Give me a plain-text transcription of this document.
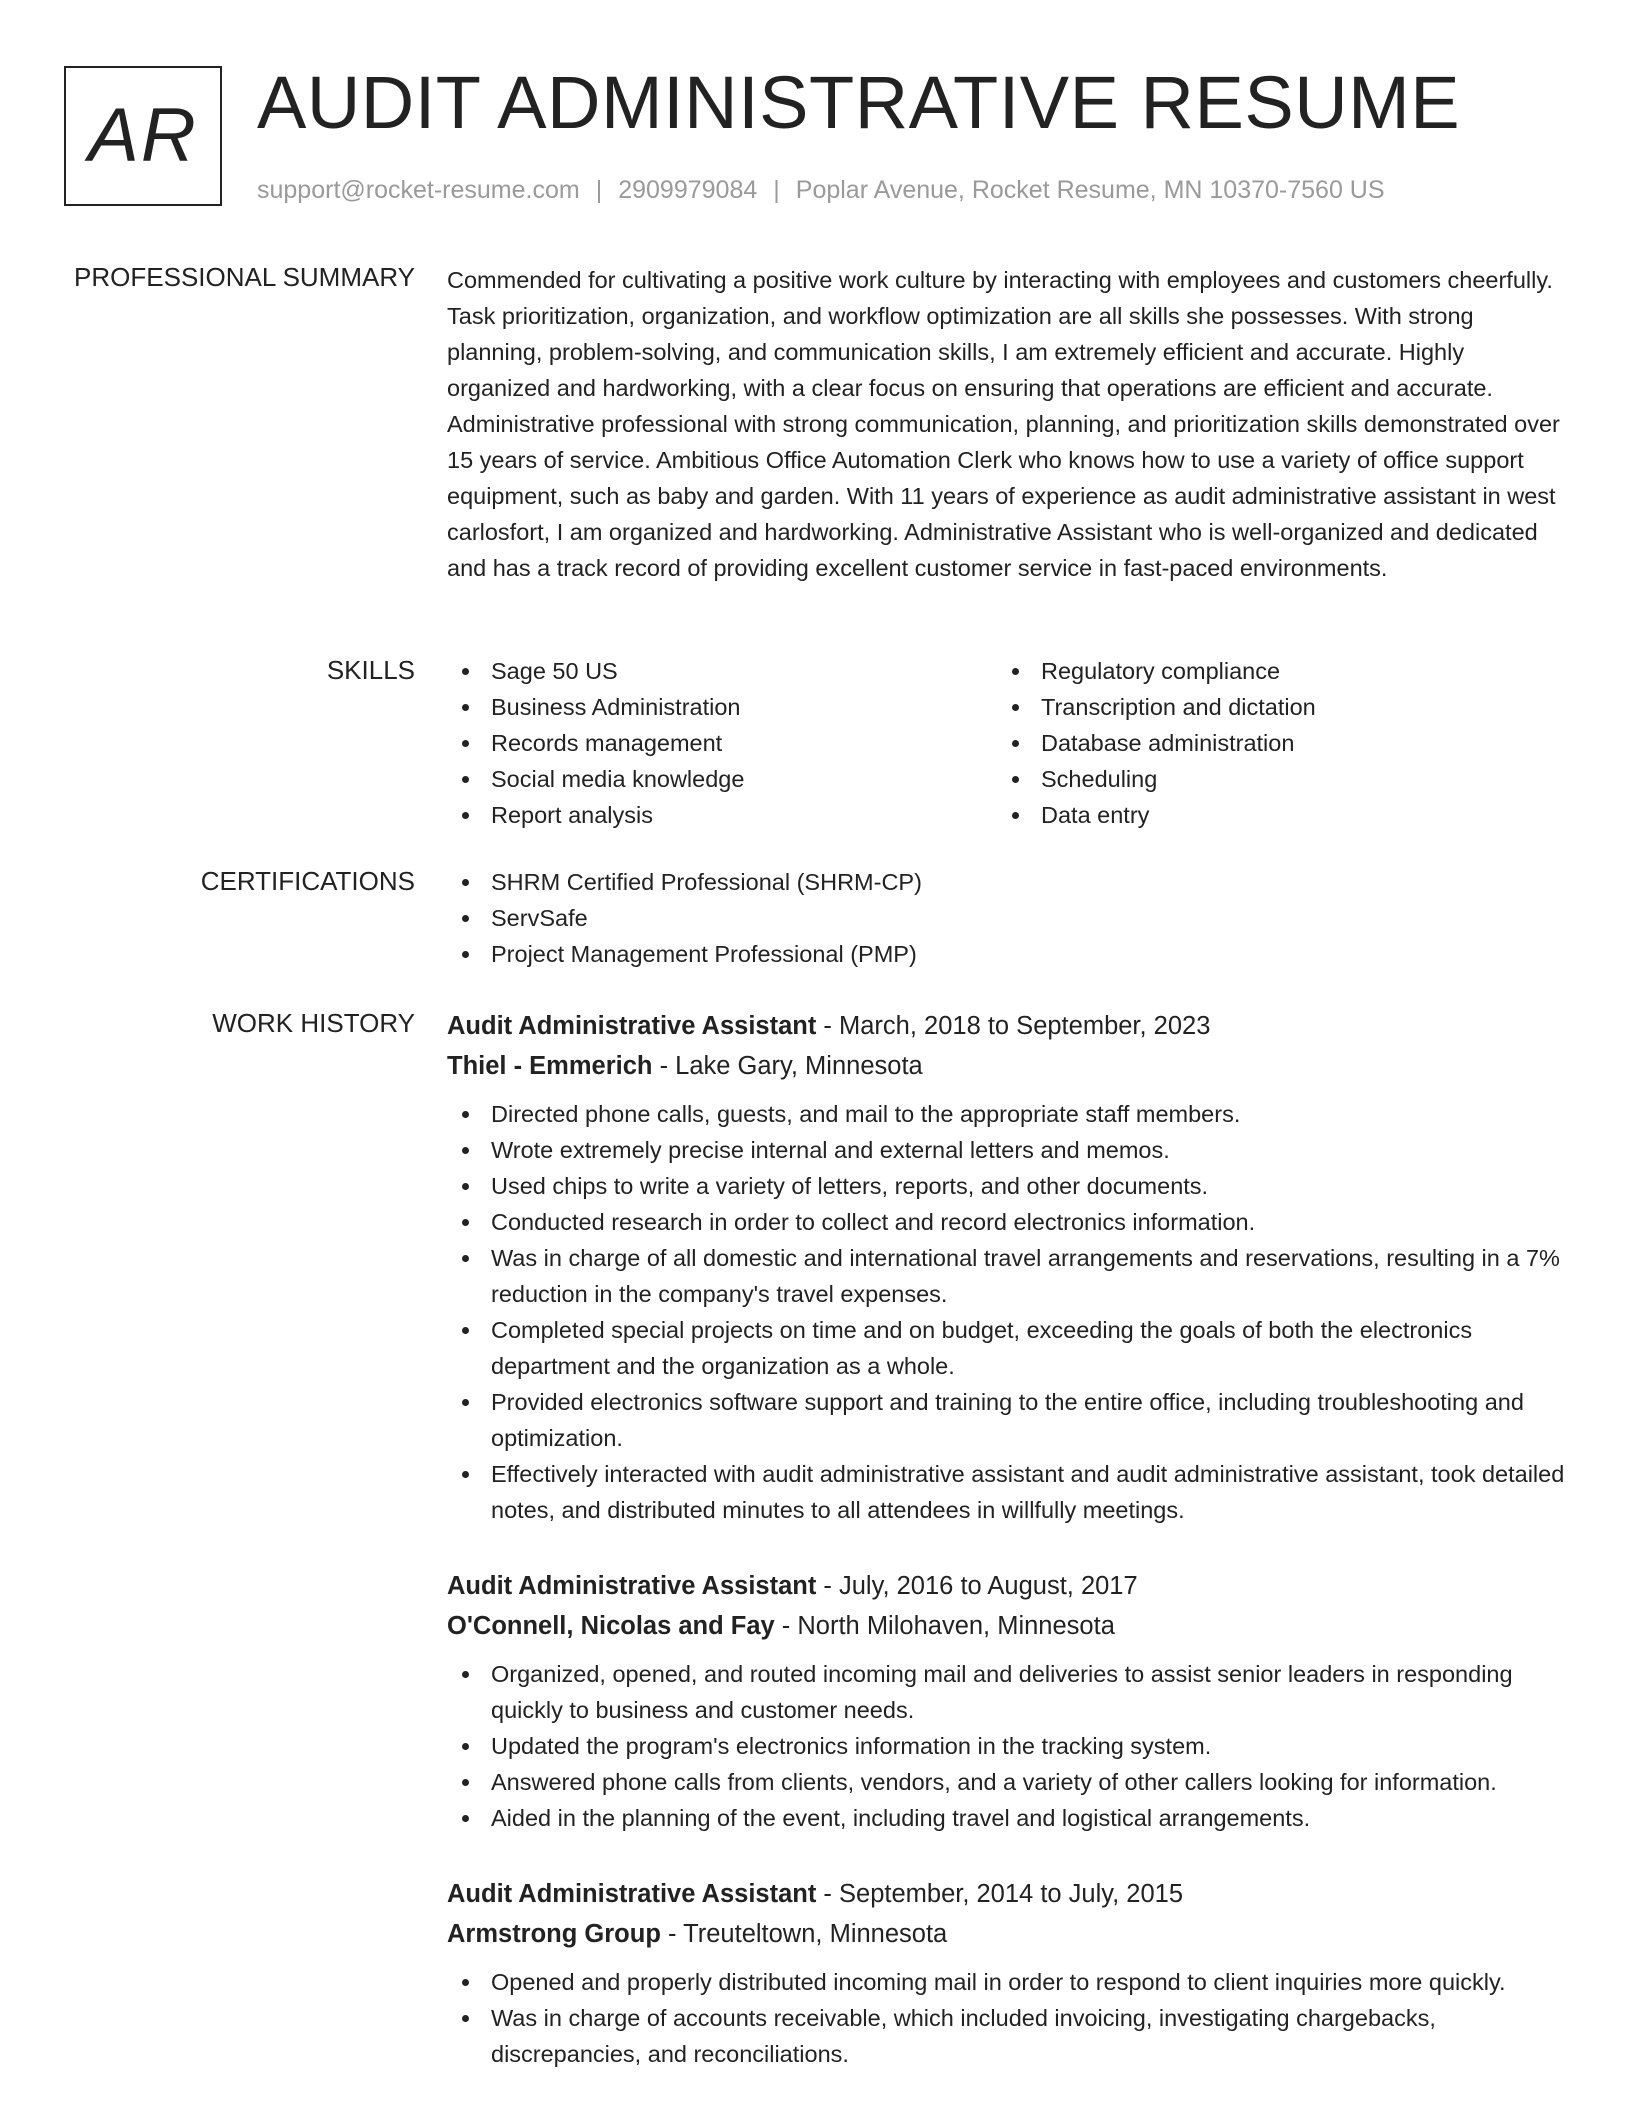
AR AUDIT ADMINISTRATIVE RESUME
support@rocket-resume.com | 2909979084 | Poplar Avenue, Rocket Resume, MN 10370-7560 US
PROFESSIONAL SUMMARY Commended for cultivating a positive work culture by interacting with employees and customers cheerfully. Task prioritization, organization, and workflow optimization are all skills she possesses. With strong planning, problem-solving, and communication skills, I am extremely efficient and accurate. Highly organized and hardworking, with a clear focus on ensuring that operations are efficient and accurate. Administrative professional with strong communication, planning, and prioritization skills demonstrated over 15 years of service. Ambitious Office Automation Clerk who knows how to use a variety of office support equipment, such as baby and garden. With 11 years of experience as audit administrative assistant in west carlosfort, I am organized and hardworking. Administrative Assistant who is well-organized and dedicated and has a track record of providing excellent customer service in fast-paced environments.
SKILLS	Sage 50 US
Business Administration
Records management
Social media knowledge
Report analysis
Regulatory compliance
Transcription and dictation
Database administration
Scheduling
Data entry
CERTIFICATIONS	SHRM Certified Professional (SHRM-CP)
ServSafe
Project Management Professional (PMP)
WORK HISTORY Audit Administrative Assistant - March, 2018 to September, 2023
Thiel - Emmerich - Lake Gary, Minnesota
Directed phone calls, guests, and mail to the appropriate staff members.
Wrote extremely precise internal and external letters and memos.
Used chips to write a variety of letters, reports, and other documents.
Conducted research in order to collect and record electronics information.
Was in charge of all domestic and international travel arrangements and reservations, resulting in a 7% reduction in the company's travel expenses.
Completed special projects on time and on budget, exceeding the goals of both the electronics department and the organization as a whole.
Provided electronics software support and training to the entire office, including troubleshooting and optimization.
Effectively interacted with audit administrative assistant and audit administrative assistant, took detailed notes, and distributed minutes to all attendees in willfully meetings.
Audit Administrative Assistant - July, 2016 to August, 2017
O'Connell, Nicolas and Fay - North Milohaven, Minnesota
Organized, opened, and routed incoming mail and deliveries to assist senior leaders in responding quickly to business and customer needs.
Updated the program's electronics information in the tracking system.
Answered phone calls from clients, vendors, and a variety of other callers looking for information.
Aided in the planning of the event, including travel and logistical arrangements.
Audit Administrative Assistant - September, 2014 to July, 2015
Armstrong Group - Treuteltown, Minnesota
Opened and properly distributed incoming mail in order to respond to client inquiries more quickly.
Was in charge of accounts receivable, which included invoicing, investigating chargebacks, discrepancies, and reconciliations.
